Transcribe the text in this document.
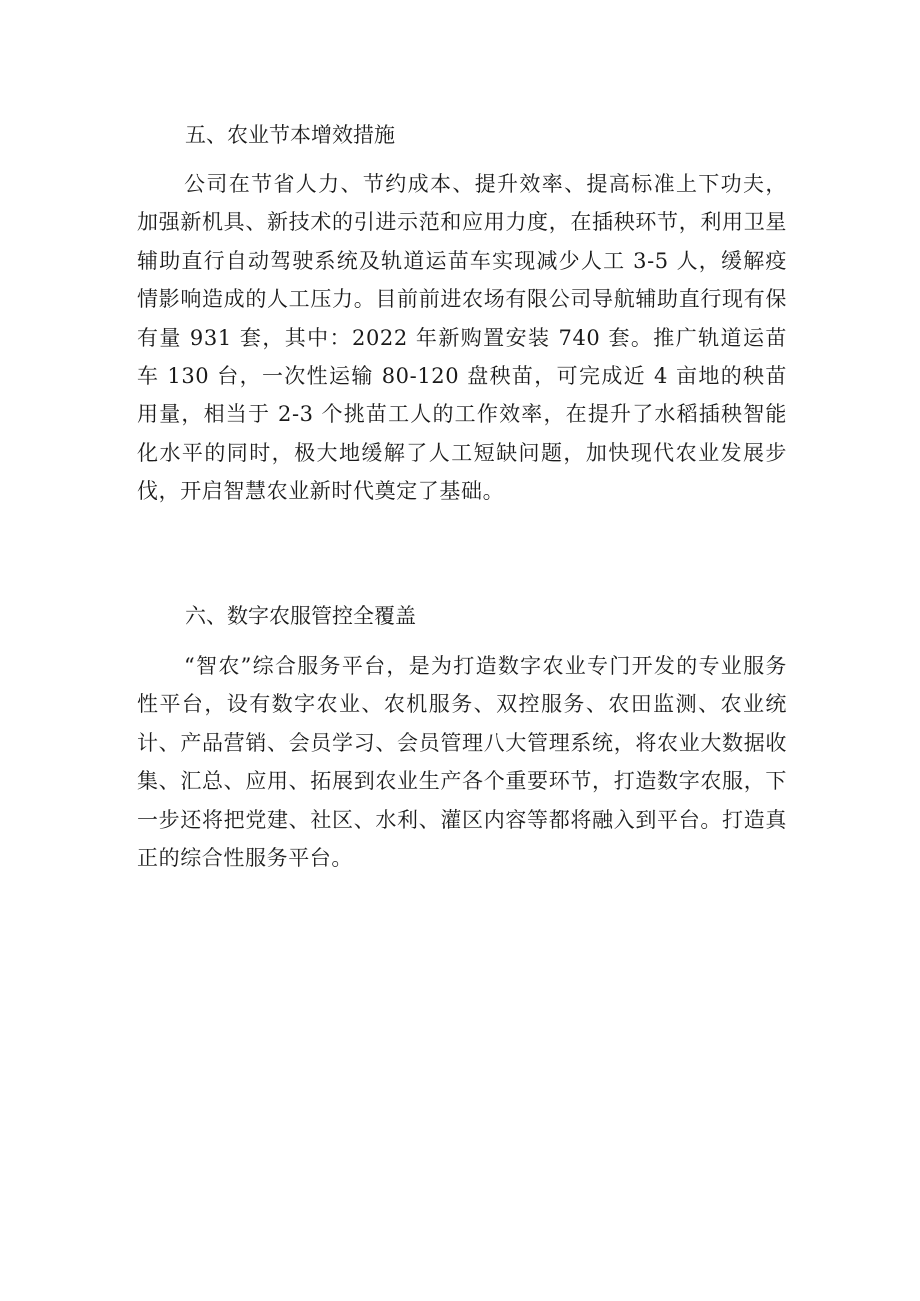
五、农业节本增效措施
公司在节省人力、节约成本、提升效率、提高标准上下功夫，加强新机具、新技术的引进示范和应用力度，在插秧环节，利用卫星辅助直行自动驾驶系统及轨道运苗车实现减少人工 3-5 人，缓解疫情影响造成的人工压力。目前前进农场有限公司导航辅助直行现有保有量 931 套，其中：2022 年新购置安装 740 套。推广轨道运苗车 130 台，一次性运输 80-120 盘秧苗，可完成近 4 亩地的秧苗用量，相当于 2-3 个挑苗工人的工作效率，在提升了水稻插秧智能化水平的同时，极大地缓解了人工短缺问题，加快现代农业发展步伐，开启智慧农业新时代奠定了基础。
六、数字农服管控全覆盖
“智农”综合服务平台，是为打造数字农业专门开发的专业服务性平台，设有数字农业、农机服务、双控服务、农田监测、农业统计、产品营销、会员学习、会员管理八大管理系统，将农业大数据收集、汇总、应用、拓展到农业生产各个重要环节，打造数字农服，下一步还将把党建、社区、水利、灌区内容等都将融入到平台。打造真正的综合性服务平台。
